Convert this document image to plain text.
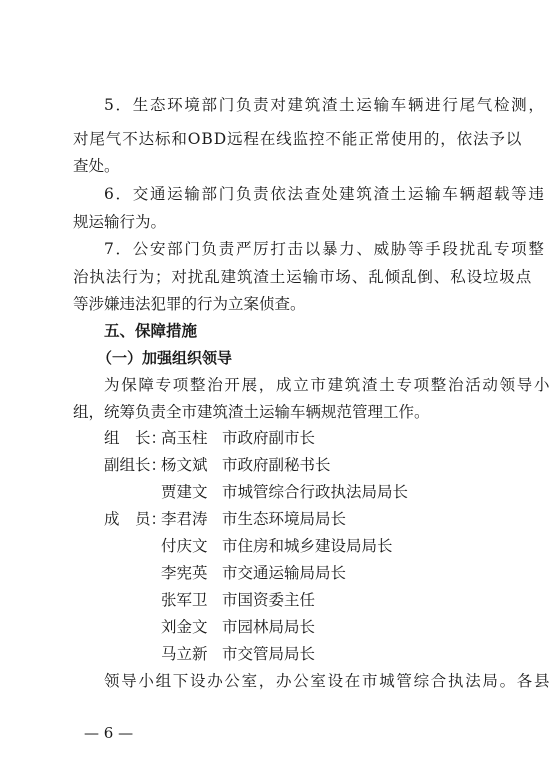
5．生态环境部门负责对建筑渣土运输车辆进行尾气检测，
对尾气不达标和OBD远程在线监控不能正常使用的，依法予以
查处。
6．交通运输部门负责依法查处建筑渣土运输车辆超载等违
规运输行为。
7．公安部门负责严厉打击以暴力、威胁等手段扰乱专项整
治执法行为；对扰乱建筑渣土运输市场、乱倾乱倒、私设垃圾点
等涉嫌违法犯罪的行为立案侦查。
五、保障措施
（一）加强组织领导
为保障专项整治开展，成立市建筑渣土专项整治活动领导小
组，统筹负责全市建筑渣土运输车辆规范管理工作。
组　长：
高玉柱 市政府副市长
副组长：
杨文斌 市政府副秘书长
贾建文 市城管综合行政执法局局长
成　员：
李君涛 市生态环境局局长
付庆文 市住房和城乡建设局局长
李宪英 市交通运输局局长
张军卫 市国资委主任
刘金文 市园林局局长
马立新 市交管局局长
领导小组下设办公室，办公室设在市城管综合执法局。各县
— 6 —
